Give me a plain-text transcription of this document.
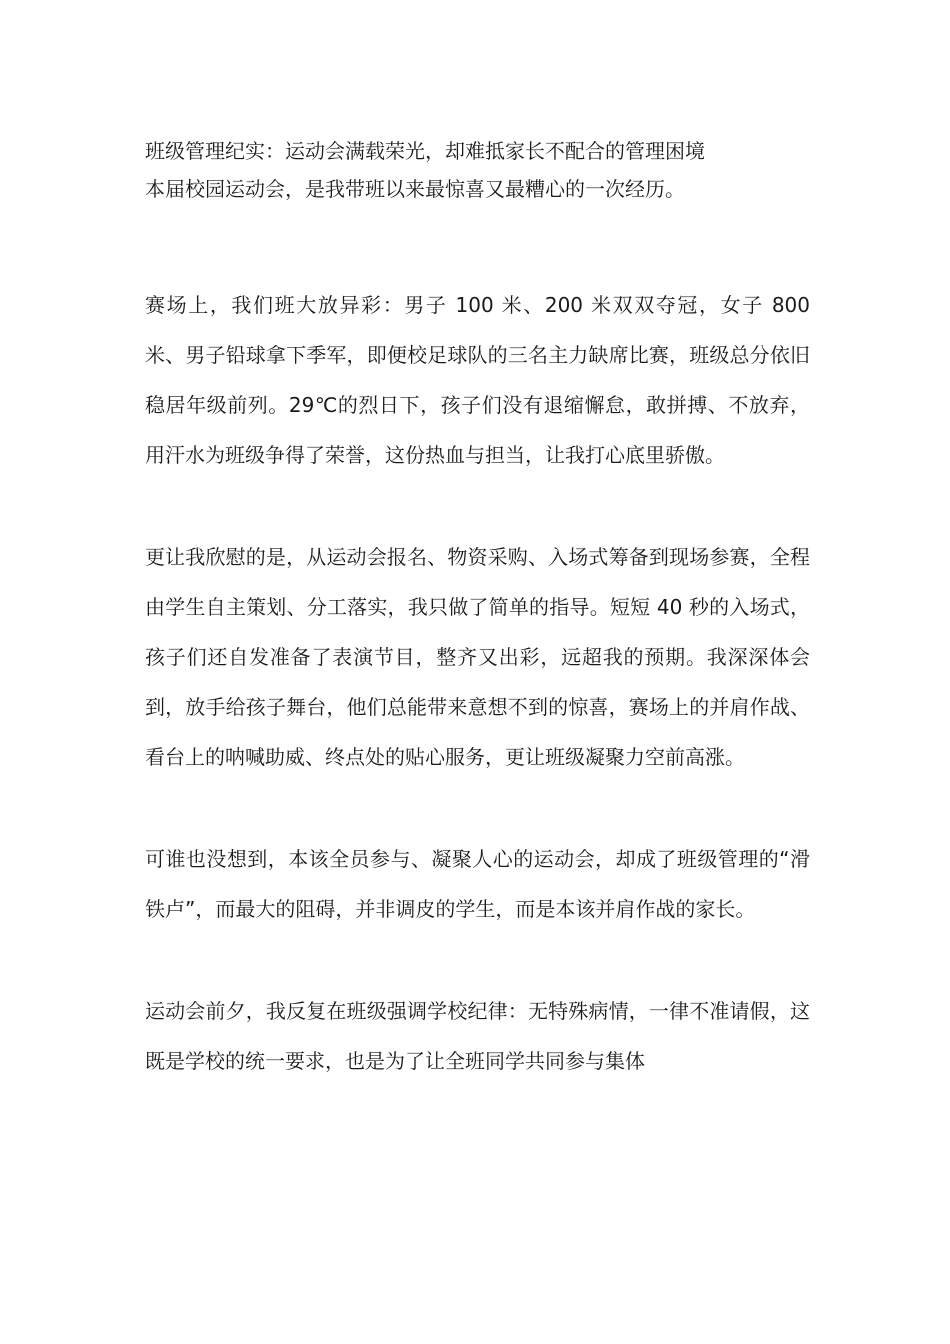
班级管理纪实：运动会满载荣光，却难抵家长不配合的管理困境

本届校园运动会，是我带班以来最惊喜又最糟心的一次经历。

赛场上，我们班大放异彩：男子 100 米、200 米双双夺冠，女子 800 米、男子铅球拿下季军，即便校足球队的三名主力缺席比赛，班级总分依旧稳居年级前列。29℃的烈日下，孩子们没有退缩懈怠，敢拼搏、不放弃，用汗水为班级争得了荣誉，这份热血与担当，让我打心底里骄傲。

更让我欣慰的是，从运动会报名、物资采购、入场式筹备到现场参赛，全程由学生自主策划、分工落实，我只做了简单的指导。短短 40 秒的入场式，孩子们还自发准备了表演节目，整齐又出彩，远超我的预期。我深深体会到，放手给孩子舞台，他们总能带来意想不到的惊喜，赛场上的并肩作战、看台上的呐喊助威、终点处的贴心服务，更让班级凝聚力空前高涨。

可谁也没想到，本该全员参与、凝聚人心的运动会，却成了班级管理的“滑铁卢”，而最大的阻碍，并非调皮的学生，而是本该并肩作战的家长。

运动会前夕，我反复在班级强调学校纪律：无特殊病情，一律不准请假，这既是学校的统一要求，也是为了让全班同学共同参与集体
